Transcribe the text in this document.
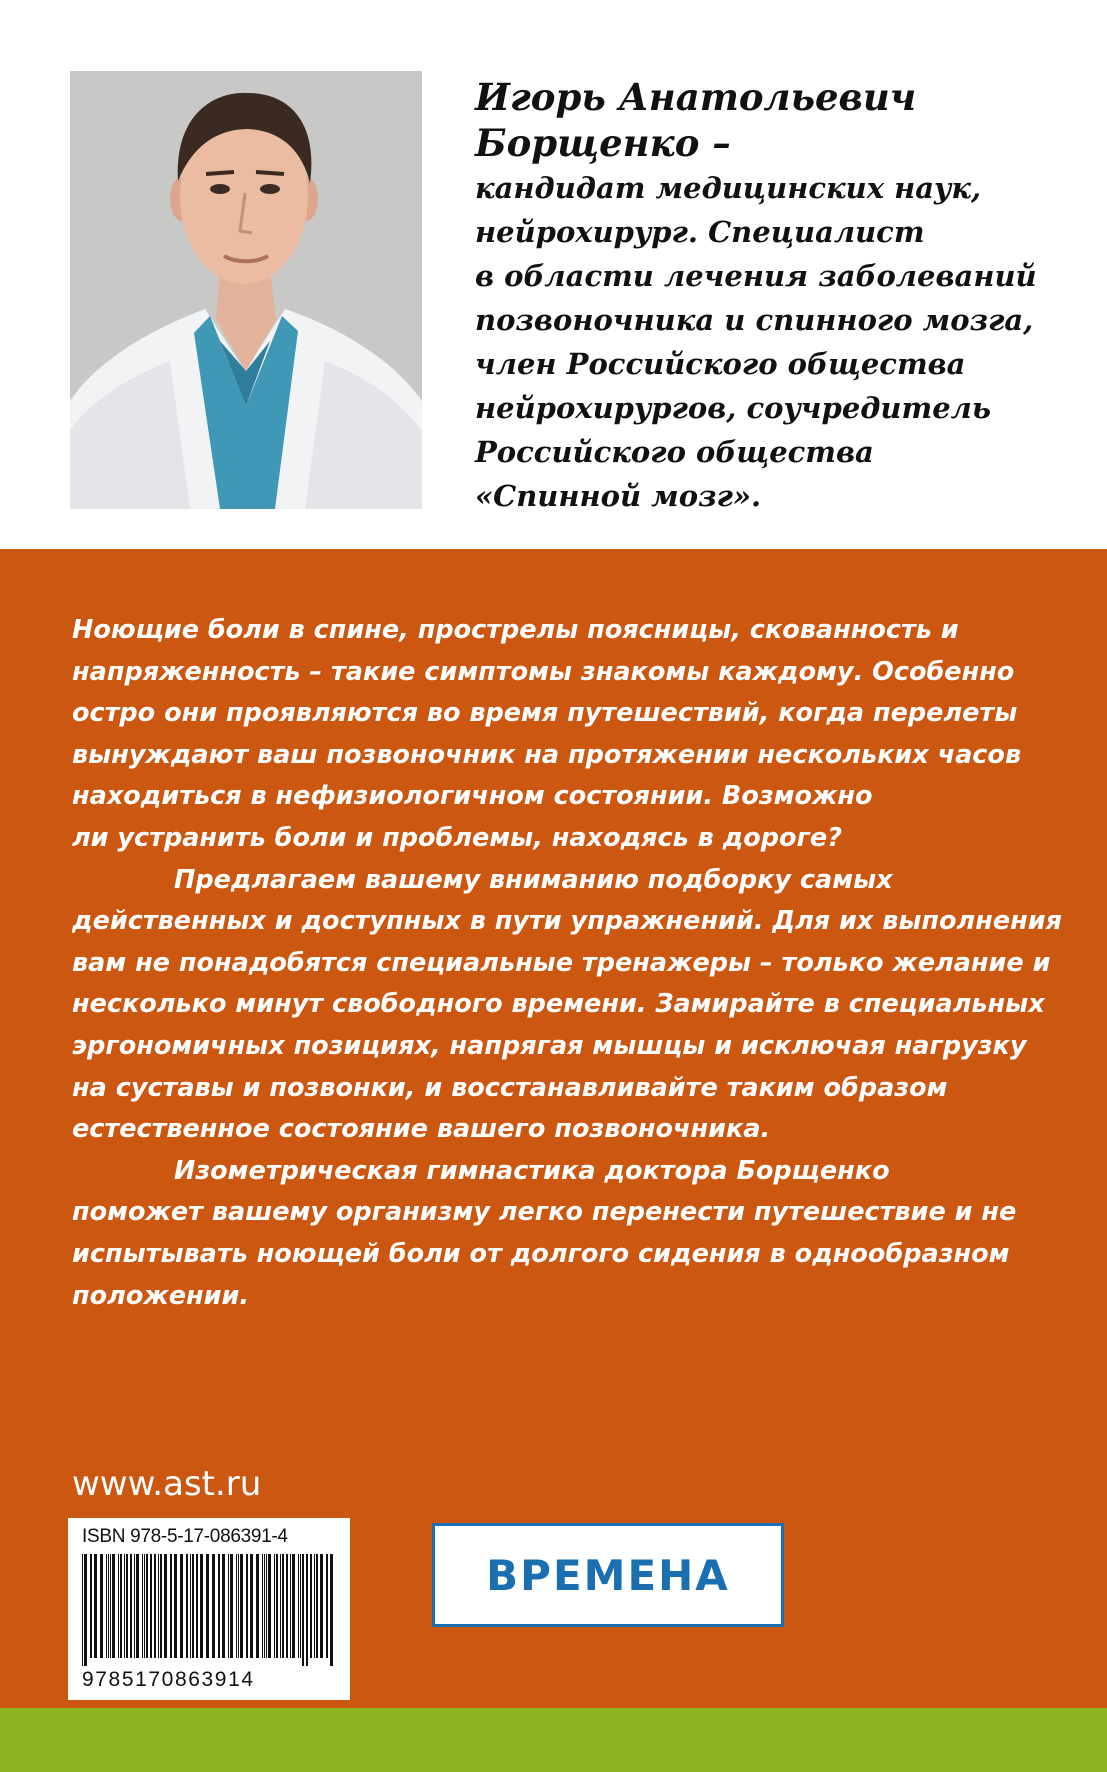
Игорь Анатольевич
Борщенко –
кандидат медицинских наук,
нейрохирург. Специалист
в области лечения заболеваний
позвоночника и спинного мозга,
член Российского общества
нейрохирургов, соучредитель
Российского общества
«Спинной мозг».
Ноющие боли в спине, прострелы поясницы, скованность и
напряженность – такие симптомы знакомы каждому. Особенно
остро они проявляются во время путешествий, когда перелеты
вынуждают ваш позвоночник на протяжении нескольких часов
находиться в нефизиологичном состоянии. Возможно
ли устранить боли и проблемы, находясь в дороге?
Предлагаем вашему вниманию подборку самых
действенных и доступных в пути упражнений. Для их выполнения
вам не понадобятся специальные тренажеры – только желание и
несколько минут свободного времени. Замирайте в специальных
эргономичных позициях, напрягая мышцы и исключая нагрузку
на суставы и позвонки, и восстанавливайте таким образом
естественное состояние вашего позвоночника.
Изометрическая гимнастика доктора Борщенко
поможет вашему организму легко перенести путешествие и не
испытывать ноющей боли от долгого сидения в однообразном
положении.
www.ast.ru
ISBN 978-5-17-086391-4
9785170863914
ВРЕМЕНА
